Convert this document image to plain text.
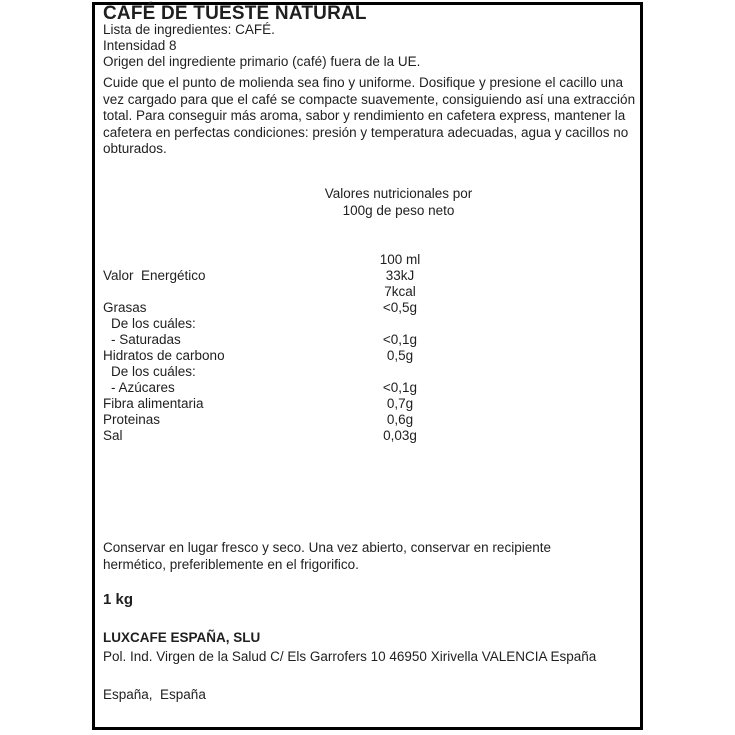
CAFÉ DE TUESTE NATURAL
Lista de ingredientes: CAFÉ.
Intensidad 8
Origen del ingrediente primario (café) fuera de la UE.
Cuide que el punto de molienda sea fino y uniforme. Dosifique y presione el cacillo una vez cargado para que el café se compacte suavemente, consiguiendo así una extracción total. Para conseguir más aroma, sabor y rendimiento en cafetera express, mantener la cafetera en perfectas condiciones: presión y temperatura adecuadas, agua y cacillos no obturados.
Valores nutricionales por
100g de peso neto
100 ml
Valor  Energético	33kJ
7kcal
Grasas	<0,5g
De los cuáles:
- Saturadas	<0,1g
Hidratos de carbono	0,5g
De los cuáles:
- Azúcares	<0,1g
Fibra alimentaria	0,7g
Proteinas	0,6g
Sal	0,03g
Conservar en lugar fresco y seco. Una vez abierto, conservar en recipiente hermético, preferiblemente en el frigorifico.
1 kg
LUXCAFE ESPAÑA, SLU
Pol. Ind. Virgen de la Salud C/ Els Garrofers 10 46950 Xirivella VALENCIA España
España,  España
